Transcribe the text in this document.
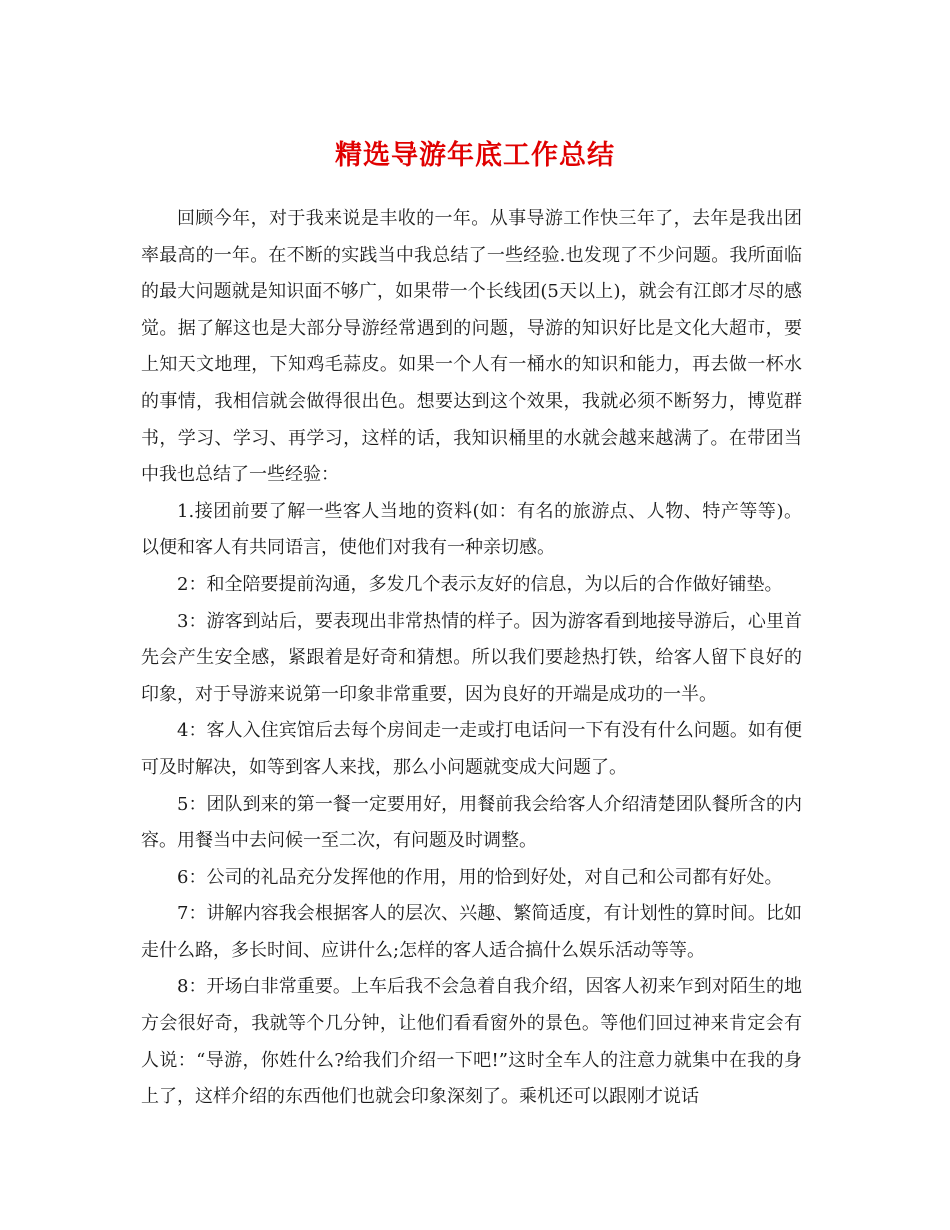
精选导游年底工作总结

回顾今年，对于我来说是丰收的一年。从事导游工作快三年了，去年是我出团率最高的一年。在不断的实践当中我总结了一些经验.也发现了不少问题。我所面临的最大问题就是知识面不够广，如果带一个长线团(5天以上)，就会有江郎才尽的感觉。据了解这也是大部分导游经常遇到的问题，导游的知识好比是文化大超市，要上知天文地理，下知鸡毛蒜皮。如果一个人有一桶水的知识和能力，再去做一杯水的事情，我相信就会做得很出色。想要达到这个效果，我就必须不断努力，博览群书，学习、学习、再学习，这样的话，我知识桶里的水就会越来越满了。在带团当中我也总结了一些经验：

1.接团前要了解一些客人当地的资料(如：有名的旅游点、人物、特产等等)。以便和客人有共同语言，使他们对我有一种亲切感。

2：和全陪要提前沟通，多发几个表示友好的信息，为以后的合作做好铺垫。

3：游客到站后，要表现出非常热情的样子。因为游客看到地接导游后，心里首先会产生安全感，紧跟着是好奇和猜想。所以我们要趁热打铁，给客人留下良好的印象，对于导游来说第一印象非常重要，因为良好的开端是成功的一半。

4：客人入住宾馆后去每个房间走一走或打电话问一下有没有什么问题。如有便可及时解决，如等到客人来找，那么小问题就变成大问题了。

5：团队到来的第一餐一定要用好，用餐前我会给客人介绍清楚团队餐所含的内容。用餐当中去问候一至二次，有问题及时调整。

6：公司的礼品充分发挥他的作用，用的恰到好处，对自己和公司都有好处。

7：讲解内容我会根据客人的层次、兴趣、繁简适度，有计划性的算时间。比如走什么路，多长时间、应讲什么;怎样的客人适合搞什么娱乐活动等等。

8：开场白非常重要。上车后我不会急着自我介绍，因客人初来乍到对陌生的地方会很好奇，我就等个几分钟，让他们看看窗外的景色。等他们回过神来肯定会有人说：“导游，你姓什么?给我们介绍一下吧!”这时全车人的注意力就集中在我的身上了，这样介绍的东西他们也就会印象深刻了。乘机还可以跟刚才说话
